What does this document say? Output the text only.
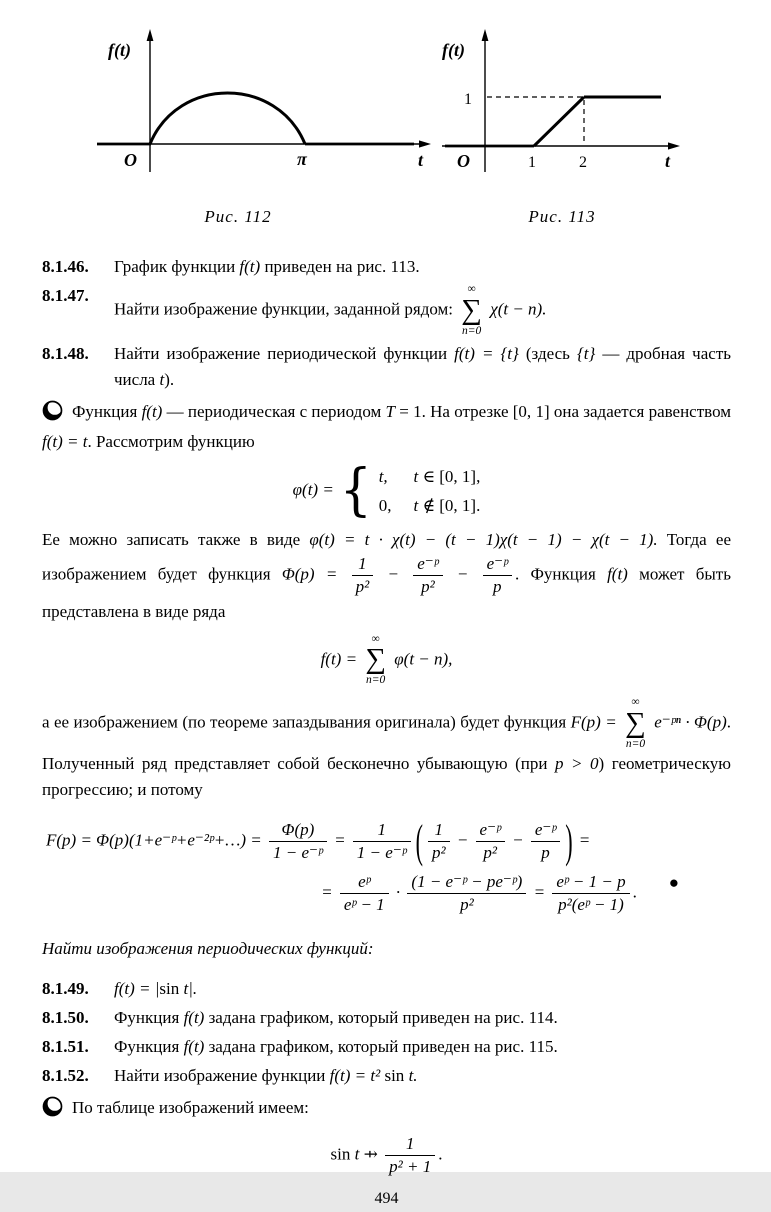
f(t)
O	π	t
Рис. 112
f(t)
1
O	1	2	t
Рис. 113
8.1.46.	График функции f(t) приведен на рис. 113.
8.1.47.
Найти изображение функции, заданной рядом:
∞
∑
n=0
χ(t − n).
8.1.48.	Найти изображение периодической функции f(t) = {t} (здесь {t} — дробная часть числа t).

Функция f(t) — периодическая с периодом T = 1. На отрезке [0, 1] она задается равенством f(t) = t. Рассмотрим функцию

φ(t) = { t, t ∈ [0, 1],
0, t ∉ [0, 1].

Ее можно записать также в виде φ(t) = t · χ(t) − (t − 1)χ(t − 1) − χ(t − 1). Тогда ее изображением будет функция $\Phi(p) = \frac{1}{\text{p²}} - \frac{\text{e⁻ᵖ}}{\text{p²}} - \frac{\text{e⁻ᵖ}}{p}$ . Функция f(t) может быть представлена в виде ряда

f(t) =
∞
∑
n=0
φ(t − n),

а ее изображением (по теореме запаздывания оригинала) будет функция F(p) =
∞
∑
n=0
e⁻ᵖⁿ · Φ(p). Полученный ряд представляет собой бесконечно убывающую (при p > 0) геометрическую прогрессию; и потому

F(p) = Φ(p)(1+e⁻ᵖ+e⁻²ᵖ+…) = $\frac{\Phi(p)}{\text{1 − e⁻ᵖ}} = \frac{1}{\text{1 − e⁻ᵖ}}$ ( $\frac{1}{\text{p²}} - \frac{\text{e⁻ᵖ}}{\text{p²}} - \frac{\text{e⁻ᵖ}}{p}$ ) =
= $\frac{\text{eᵖ}}{\text{eᵖ − 1}} \cdot \frac{\text{(1 − e⁻ᵖ − pe⁻ᵖ)}}{\text{p²}} = \frac{\text{eᵖ − 1 − p}}{\text{p²(eᵖ − 1)}}$ .	●

Найти изображения периодических функций:

8.1.49.	f(t) = |sin t|.
8.1.50.	Функция f(t) задана графиком, который приведен на рис. 114.
8.1.51.	Функция f(t) задана графиком, который приведен на рис. 115.
8.1.52.	Найти изображение функции f(t) = t² sin t.

По таблице изображений имеем:

sin t ⇸ $\frac{1}{\text{p² + 1}}$ .
494
